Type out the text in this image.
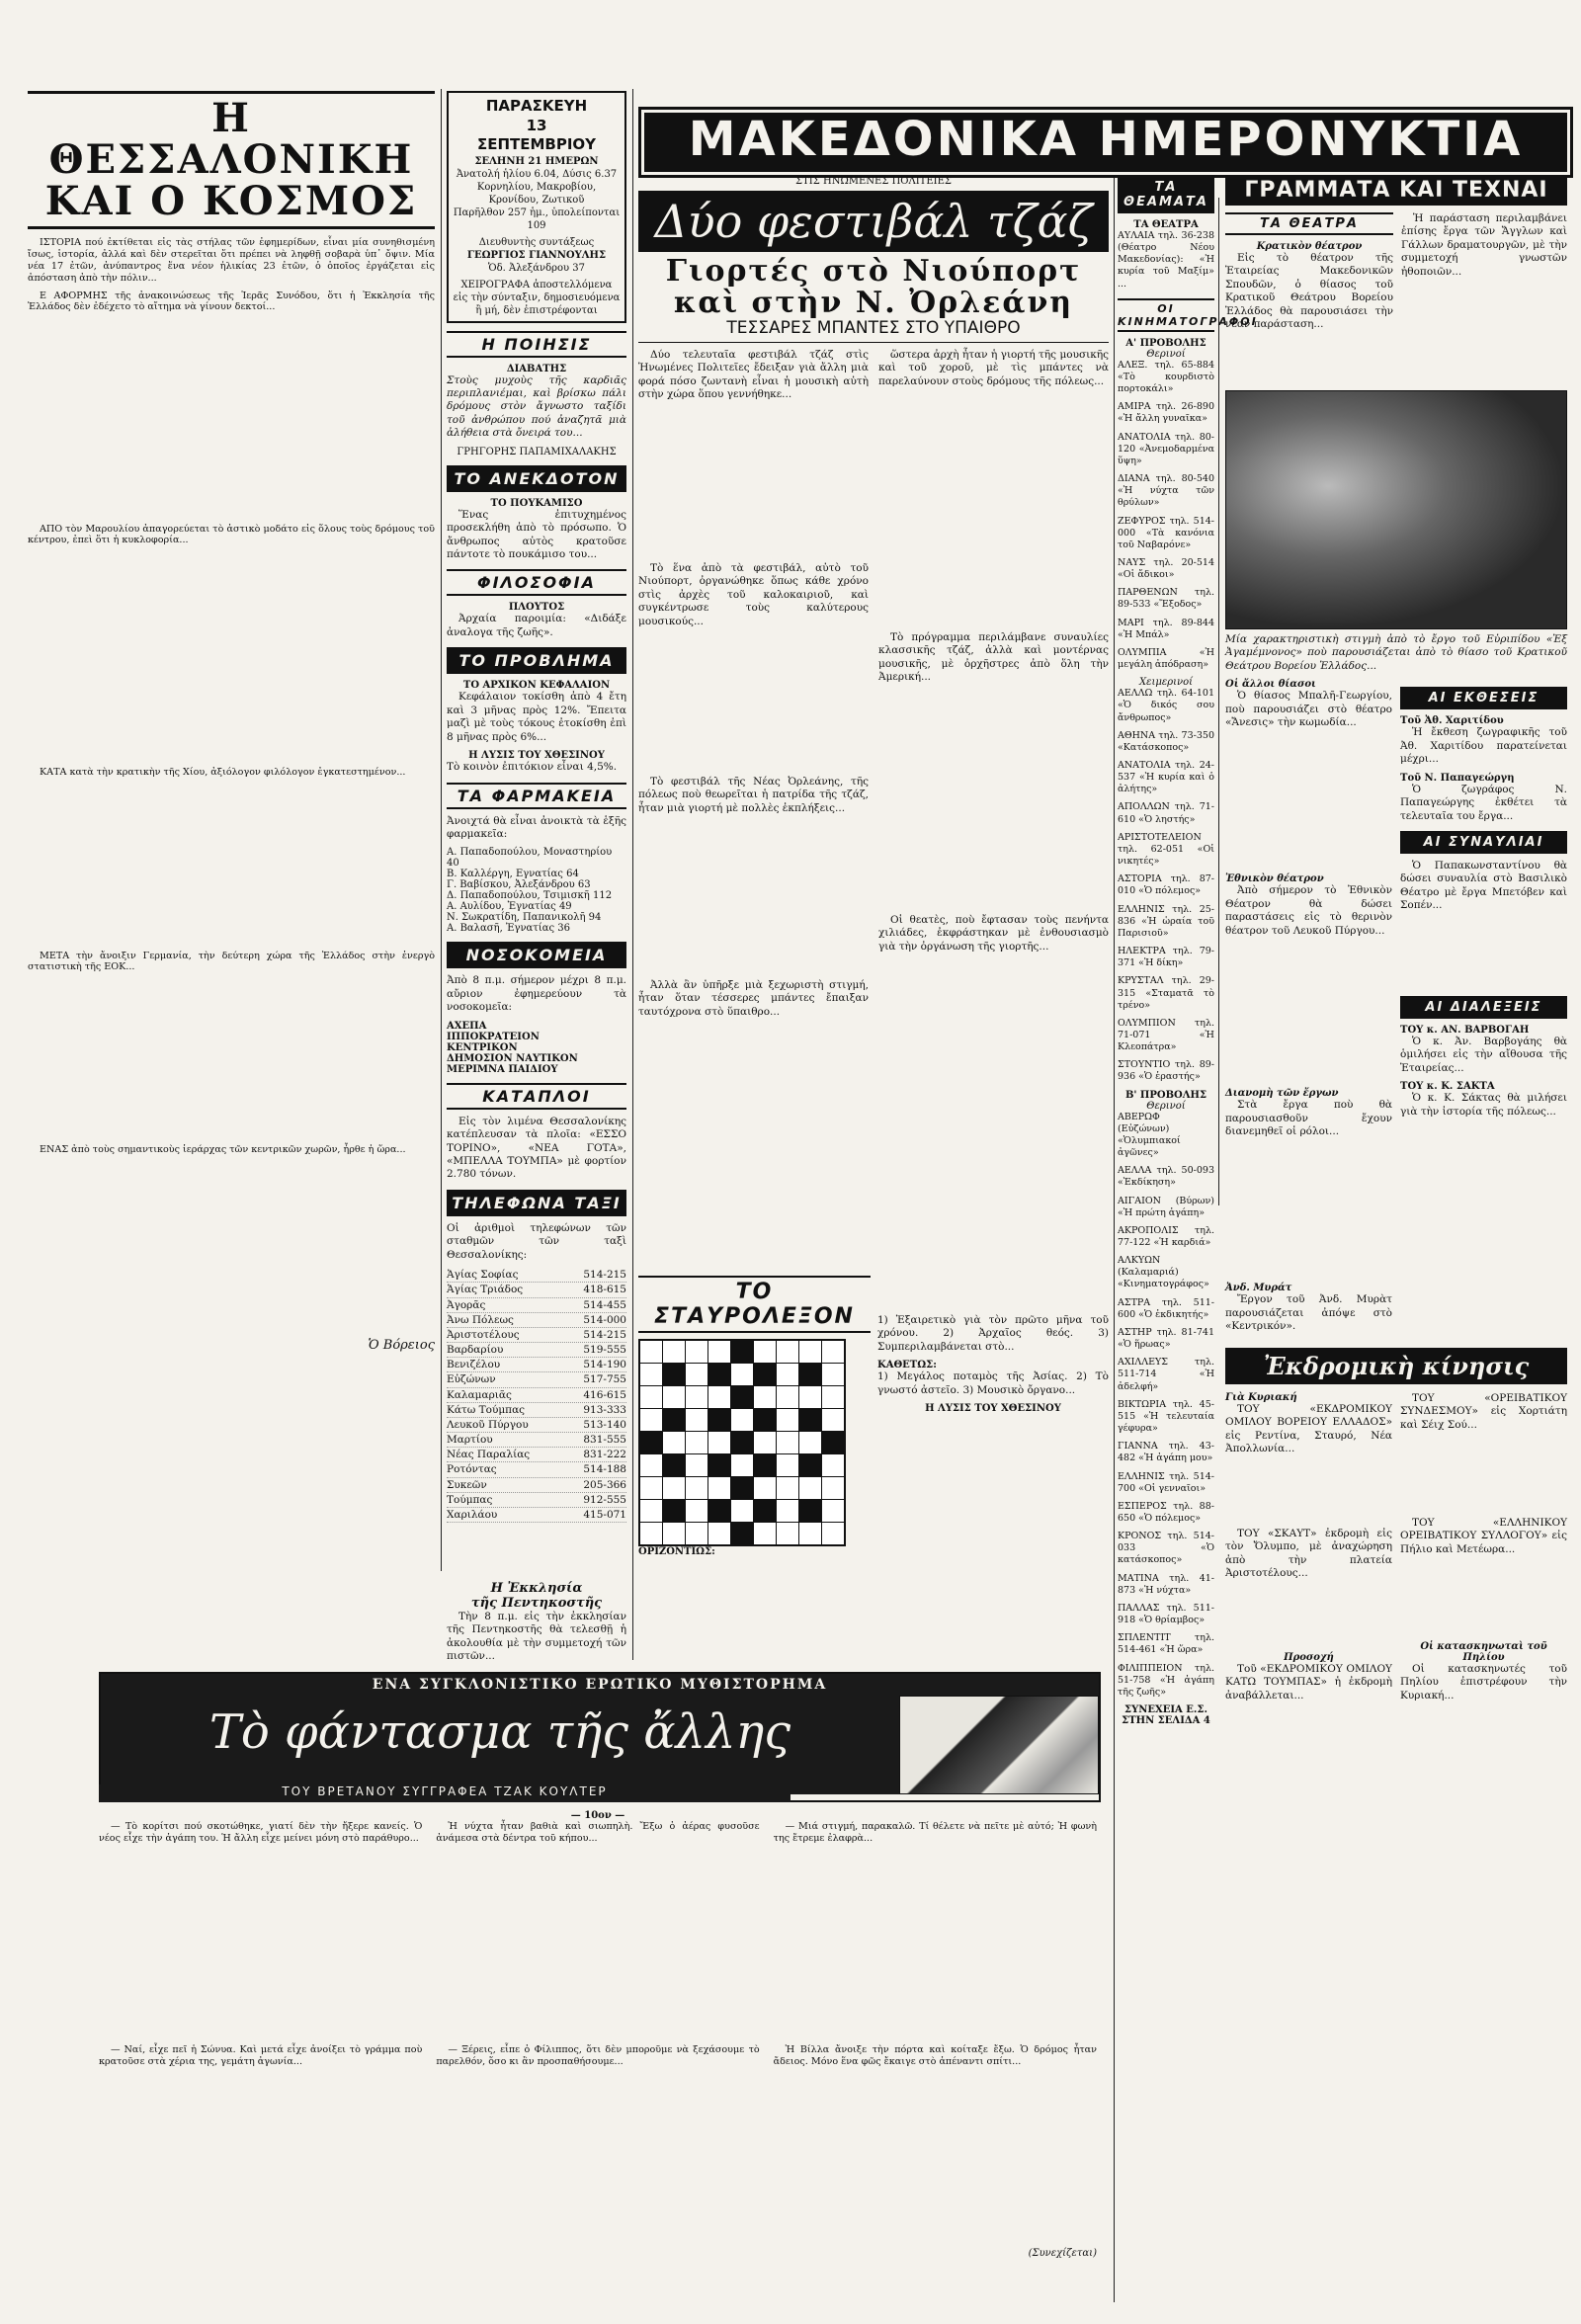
Η ΘΕΣΣΑΛΟΝΙΚΗ
ΚΑΙ Ο ΚΟΣΜΟΣ

ΙΣΤΟΡΙΑ πού ἐκτίθεται εἰς τὰς στήλας τῶν ἐφημερίδων, εἶναι μία συνηθισμένη ἴσως, ἱστορία, ἀλλά καὶ δὲν στερεῖται ὅτι πρέπει νὰ ληφθῇ σοβαρὰ ὑπ᾽ ὄψιν. Μία νέα 17 ἐτῶν, ἀνύπαντρος ἕνα νέον ἡλικίας 23 ἐτῶν, ὁ ὁποῖος ἐργάζεται εἰς ἀπόσταση ἀπὸ τὴν πόλιν...

Ε ΑΦΟΡΜΗΣ τῆς ἀνακοινώσεως τῆς Ἱερᾶς Συνόδου, ὅτι ἡ Ἐκκλησία τῆς Ἑλλάδος δὲν ἐδέχετο τὸ αἴτημα νὰ γίνουν δεκτοί...

ΑΠΟ τὸν Μαρουλίου ἀπαγορεύεται τὸ ἀστικὸ μοδάτο εἰς ὅλους τοὺς δρόμους τοῦ κέντρου, ἐπεὶ ὅτι ἡ κυκλοφορία...

ΚΑΤΑ κατὰ τὴν κρατικὴν τῆς Χίου, ἀξιόλογον φιλόλογον ἐγκατεστημένον...

ΜΕΤΑ τὴν ἄνοιξιν Γερμανία, τὴν δεύτερη χώρα τῆς Ἑλλάδος στὴν ἐνεργὸ στατιστικὴ τῆς ΕΟΚ...

ΕΝΑΣ ἀπὸ τοὺς σημαντικοὺς ἱεράρχας τῶν κεντρικῶν χωρῶν, ἦρθε ἡ ὥρα...

Ὁ Βόρειος
ΠΑΡΑΣΚΕΥΗ
13
ΣΕΠΤΕΜΒΡΙΟΥ
ΣΕΛΗΝΗ 21 ΗΜΕΡΩΝ
Ἀνατολή ἡλίου 6.04, Δύσις 6.37
Κορνηλίου, Μακροβίου, Κρονίδου, Ζωτικοῦ
Παρῆλθον 257 ἡμ., ὑπολείπονται 109
Διευθυντὴς συντάξεως
ΓΕΩΡΓΙΟΣ ΓΙΑΝΝΟΥΛΗΣ
Ὁδ. Ἀλεξάνδρου 37
ΧΕΙΡΟΓΡΑΦΑ ἀποστελλόμενα εἰς τὴν σύνταξιν, δημοσιευόμενα ἢ μή, δὲν ἐπιστρέφονται
Η ΠΟΙΗΣΙΣ
ΔΙΑΒΑΤΗΣ

Στοὺς μυχοὺς τῆς καρδιᾶς περιπλανιέμαι, καὶ βρίσκω πάλι δρόμους στὸν ἄγνωστο ταξίδι τοῦ ἀνθρώπου πού ἀναζητᾶ μιὰ ἀλήθεια στὰ ὄνειρά του...

ΓΡΗΓΟΡΗΣ ΠΑΠΑΜΙΧΑΛΑΚΗΣ
ΤΟ ΑΝΕΚΔΟΤΟΝ
ΤΟ ΠΟΥΚΑΜΙΣΟ

Ἕνας ἐπιτυχημένος προσεκλήθη ἀπὸ τὸ πρόσωπο. Ὁ ἄνθρωπος αὐτὸς κρατοῦσε πάντοτε τὸ πουκάμισο του...

ΦΙΛΟΣΟΦΙΑ
ΠΛΟΥΤΟΣ

Ἀρχαία παροιμία: «Διδάξε ἀναλογα τῆς ζωῆς».

ΤΟ ΠΡΟΒΛΗΜΑ
ΤΟ ΑΡΧΙΚΟΝ ΚΕΦΑΛΑΙΟΝ

Κεφάλαιον τοκίσθη ἀπὸ 4 ἔτη καὶ 3 μῆνας πρὸς 12%. Ἔπειτα μαζὶ μὲ τοὺς τόκους ἐτοκίσθη ἐπὶ 8 μῆνας πρὸς 6%...

Η ΛΥΣΙΣ ΤΟΥ ΧΘΕΣΙΝΟΥ

Τὸ κοινὸν ἐπιτόκιον εἶναι 4,5%.

ΤΑ ΦΑΡΜΑΚΕΙΑ

Ἀνοιχτά θὰ εἶναι ἀνοικτὰ τὰ ἑξῆς φαρμακεῖα:

Α. Παπαδοπούλου, Μοναστηρίου 40
Β. Καλλέργη, Εγνατίας 64
Γ. Βαβίσκου, Ἀλεξάνδρου 63
Δ. Παπαδοπούλου, Τσιμισκῆ 112
Α. Αυλίδου, Ἐγνατίας 49
Ν. Σωκρατίδη, Παπανικολῆ 94
Α. Βαλασῆ, Ἐγνατίας 36
ΝΟΣΟΚΟΜΕΙΑ

Ἀπὸ 8 π.μ. σήμερον μέχρι 8 π.μ. αὔριον ἐφημερεύουν τὰ νοσοκομεῖα:

ΑΧΕΠΑ
ΙΠΠΟΚΡΑΤΕΙΟΝ
ΚΕΝΤΡΙΚΟΝ
ΔΗΜΟΣΙΟΝ ΝΑΥΤΙΚΟΝ
ΜΕΡΙΜΝΑ ΠΑΙΔΙΟΥ
ΚΑΤΑΠΛΟΙ

Εἰς τὸν λιμένα Θεσσαλονίκης κατέπλευσαν τὰ πλοῖα: «ΕΣΣΟ ΤΟΡΙΝΟ», «ΝΕΑ ΓΟΤΑ», «ΜΠΕΛΛΑ ΤΟΥΜΠΑ» μὲ φορτίον 2.780 τόνων.

ΤΗΛΕΦΩΝΑ ΤΑΞΙ

Οἱ ἀριθμοὶ τηλεφώνων τῶν σταθμῶν τῶν ταξὶ Θεσσαλονίκης:

Ἁγίας Σοφίας	514-215
Ἁγίας Τριάδος	418-615
Ἀγορᾶς	514-455
Ἀνω Πόλεως	514-000
Ἀριστοτέλους	514-215
Βαρδαρίου	519-555
Βενιζέλου	514-190
Εὐζώνων	517-755
Καλαμαριᾶς	416-615
Κάτω Τούμπας	913-333
Λευκοῦ Πύργου	513-140
Μαρτίου	831-555
Νέας Παραλίας	831-222
Ροτόντας	514-188
Συκεῶν	205-366
Τούμπας	912-555
Χαριλάου	415-071
ΜΑΚΕΔΟΝΙΚΑ ΗΜΕΡΟΝΥΚΤΙΑ
ΣΤΙΣ ΗΝΩΜΕΝΕΣ ΠΟΛΙΤΕΙΕΣ
Δύο φεστιβάλ τζάζ
Γιορτές στὸ Νιούπορτ
καὶ στὴν Ν. Ὀρλεάνη
ΤΕΣΣΑΡΕΣ ΜΠΑΝΤΕΣ ΣΤΟ ΥΠΑΙΘΡΟ

Δύο τελευταῖα φεστιβάλ τζάζ στὶς Ἡνωμένες Πολιτεῖες ἔδειξαν γιὰ ἄλλη μιὰ φορά πόσο ζωντανὴ εἶναι ἡ μουσικὴ αὐτὴ στὴν χώρα ὅπου γεννήθηκε...

Τὸ ἕνα ἀπὸ τὰ φεστιβάλ, αὐτὸ τοῦ Νιούπορτ, ὀργανώθηκε ὅπως κάθε χρόνο στὶς ἀρχὲς τοῦ καλοκαιριοῦ, καὶ συγκέντρωσε τοὺς καλύτερους μουσικούς...

Τὸ φεστιβάλ τῆς Νέας Ὀρλεάνης, τῆς πόλεως ποὺ θεωρεῖται ἡ πατρίδα τῆς τζάζ, ἦταν μιὰ γιορτή μὲ πολλὲς ἐκπλήξεις...

Ἀλλὰ ἂν ὑπῆρξε μιὰ ξεχωριστὴ στιγμή, ἦταν ὅταν τέσσερες μπάντες ἔπαιξαν ταυτόχρονα στὸ ὕπαιθρο...

ὥστερα ἀρχὴ ἦταν ἡ γιορτή τῆς μουσικῆς καὶ τοῦ χοροῦ, μὲ τὶς μπάντες νὰ παρελαύνουν στοὺς δρόμους τῆς πόλεως...

Τὸ πρόγραμμα περιλάμβανε συναυλίες κλασσικῆς τζάζ, ἀλλὰ καὶ μοντέρνας μουσικῆς, μὲ ὀρχῆστρες ἀπὸ ὅλη τὴν Ἀμερική...

Οἱ θεατὲς, ποὺ ἔφτασαν τοὺς πενήντα χιλιάδες, ἐκφράστηκαν μὲ ἐνθουσιασμὸ γιὰ τὴν ὀργάνωση τῆς γιορτῆς...

ΤΟ ΣΤΑΥΡΟΛΕΞΟΝ

ΟΡΙΖΟΝΤΙΩΣ:

1) Ἐξαιρετικὸ γιὰ τὸν πρῶτο μῆνα τοῦ χρόνου. 2) Ἀρχαῖος θεός. 3) Συμπεριλαμβάνεται στὸ...

ΚΑΘΕΤΩΣ:

1) Μεγάλος ποταμὸς τῆς Ἀσίας. 2) Τὸ γνωστό ἀστεῖο. 3) Μουσικὸ ὄργανο...

Η ΛΥΣΙΣ ΤΟΥ ΧΘΕΣΙΝΟΥ
Η Ἐκκλησία
τῆς Πεντηκοστῆς

Τὴν 8 π.μ. εἰς τὴν ἐκκλησίαν τῆς Πεντηκοστῆς θὰ τελεσθῇ ἡ ἀκολουθία μὲ τὴν συμμετοχή τῶν πιστῶν...

ΕΝΑ ΣΥΓΚΛΟΝΙΣΤΙΚΟ ΕΡΩΤΙΚΟ ΜΥΘΙΣΤΟΡΗΜΑ
Τὸ φάντασμα τῆς ἄλλης
ΤΟΥ ΒΡΕΤΑΝΟΥ ΣΥΓΓΡΑΦΕΑ ΤΖΑΚ ΚΟΥΛΤΕΡ
— 10ον —

— Τὸ κορίτσι πού σκοτώθηκε, γιατί δὲν τὴν ἤξερε κανείς. Ὁ νέος εἶχε τὴν ἀγάπη του. Ἡ ἄλλη εἶχε μείνει μόνη στὸ παράθυρο...

— Ναί, εἶχε πεῖ ἡ Σώνυα. Καὶ μετά εἶχε ἀνοίξει τὸ γράμμα ποὺ κρατοῦσε στὰ χέρια της, γεμάτη ἀγωνία...

Ἡ νύχτα ἦταν βαθιὰ καὶ σιωπηλὴ. Ἔξω ὁ ἀέρας φυσοῦσε ἀνάμεσα στὰ δέντρα τοῦ κήπου...

— Ξέρεις, εἶπε ὁ Φίλιππος, ὅτι δὲν μποροῦμε νὰ ξεχάσουμε τὸ παρελθόν, ὅσο κι ἂν προσπαθήσουμε...

— Μιά στιγμή, παρακαλῶ. Τί θέλετε νὰ πεῖτε μὲ αὐτό; Ἡ φωνὴ της ἔτρεμε ἐλαφρὰ...

Ἡ Βίλλα ἄνοιξε τὴν πόρτα καὶ κοίταξε ἔξω. Ὁ δρόμος ἦταν ἄδειος. Μόνο ἕνα φῶς ἔκαιγε στὸ ἀπέναντι σπίτι...

(Συνεχίζεται)
ΤΑ ΘΕΑΜΑΤΑ
ΤΑ ΘΕΑΤΡΑ

ΑΥΛΑΙΑ τηλ. 36-238 (Θέατρο Νέου Μακεδονίας): «Ἡ κυρία τοῦ Μαξίμ» ...

ΟΙ ΚΙΝΗΜΑΤΟΓΡΑΦΟΙ
Α' ΠΡΟΒΟΛΗΣ
Θερινοί

ΑΛΕΞ. τηλ. 65-884 «Τὸ κουρδιστὸ πορτοκάλι»

ΑΜΙΡΑ τηλ. 26-890 «Ἡ ἄλλη γυναῖκα»

ΑΝΑΤΟΛΙΑ τηλ. 80-120 «Ἀνεμοδαρμένα ὕψη»

ΔΙΑΝΑ τηλ. 80-540 «Ἡ νύχτα τῶν θρύλων»

ΖΕΦΥΡΟΣ τηλ. 514-000 «Τὰ κανόνια τοῦ Ναβαρόνε»

ΝΑΥΣ τηλ. 20-514 «Οἱ ἄδικοι»

ΠΑΡΘΕΝΩΝ τηλ. 89-533 «Ἔξοδος»

ΜΑΡΙ τηλ. 89-844 «Ἡ Μπάλ»

ΟΛΥΜΠΙΑ «Ἡ μεγάλη ἀπόδραση»

Χειμερινοί

ΑΕΛΛΩ τηλ. 64-101 «Ὁ δικός σου ἄνθρωπος»

ΑΘΗΝΑ τηλ. 73-350 «Κατάσκοπος»

ΑΝΑΤΟΛΙΑ τηλ. 24-537 «Ἡ κυρία καὶ ὁ ἀλήτης»

ΑΠΟΛΛΩΝ τηλ. 71-610 «Ὁ ληστής»

ΑΡΙΣΤΟΤΕΛΕΙΟΝ τηλ. 62-051 «Οἱ νικητές»

ΑΣΤΟΡΙΑ τηλ. 87-010 «Ὁ πόλεμος»

ΕΛΛΗΝΙΣ τηλ. 25-836 «Ἡ ὡραία τοῦ Παρισιοῦ»

ΗΛΕΚΤΡΑ τηλ. 79-371 «Ἡ δίκη»

ΚΡΥΣΤΑΛ τηλ. 29-315 «Σταματᾶ τὸ τρένο»

ΟΛΥΜΠΙΟΝ τηλ. 71-071 «Ἡ Κλεοπάτρα»

ΣΤΟΥΝΤΙΟ τηλ. 89-936 «Ὁ ἑραστής»

Β' ΠΡΟΒΟΛΗΣ
Θερινοί

ΑΒΕΡΩΦ (Εὐζώνων) «Ὁλυμπιακοί ἀγῶνες»

ΑΕΛΛΑ τηλ. 50-093 «Ἐκδίκηση»

ΑΙΓΑΙΟΝ (Βύρων) «Ἡ πρώτη ἀγάπη»

ΑΚΡΟΠΟΛΙΣ τηλ. 77-122 «Ἡ καρδιά»

ΑΛΚΥΩΝ (Καλαμαριά) «Κινηματογράφος»

ΑΣΤΡΑ τηλ. 511-600 «Ὁ ἐκδικητής»

ΑΣΤΗΡ τηλ. 81-741 «Ὁ ἥρωας»

ΑΧΙΛΛΕΥΣ τηλ. 511-714 «Ἡ ἀδελφή»

ΒΙΚΤΩΡΙΑ τηλ. 45-515 «Ἡ τελευταία γέφυρα»

ΓΙΑΝΝΑ τηλ. 43-482 «Ἡ ἀγάπη μου»

ΕΛΛΗΝΙΣ τηλ. 514-700 «Οἱ γενναῖοι»

ΕΣΠΕΡΟΣ τηλ. 88-650 «Ὁ πόλεμος»

ΚΡΟΝΟΣ τηλ. 514-033 «Ὁ κατάσκοπος»

ΜΑΤΙΝΑ τηλ. 41-873 «Ἡ νύχτα»

ΠΑΛΛΑΣ τηλ. 511-918 «Ὁ θρίαμβος»

ΣΠΛΕΝΤΙΤ τηλ. 514-461 «Ἡ ὥρα»

ΦΙΛΙΠΠΕΙΟΝ τηλ. 51-758 «Ἡ ἀγάπη τῆς ζωῆς»

ΣΥΝΕΧΕΙΑ Ε.Σ. ΣΤΗΝ ΣΕΛΙΔΑ 4
ΓΡΑΜΜΑΤΑ ΚΑΙ ΤΕΧΝΑΙ
ΤΑ ΘΕΑΤΡΑ
Κρατικὸν θέατρον

Εἰς τὸ θέατρον τῆς Ἑταιρείας Μακεδονικῶν Σπουδῶν, ὁ θίασος τοῦ Κρατικοῦ Θεάτρου Βορείου Ἑλλάδος θὰ παρουσιάσει τὴν νέαν παράσταση...

Ἡ παράσταση περιλαμβάνει ἐπίσης ἔργα τῶν Ἄγγλων καὶ Γάλλων δραματουργῶν, μὲ τὴν συμμετοχή γνωστῶν ἠθοποιῶν...

Μία χαρακτηριστικὴ στιγμὴ ἀπὸ τὸ ἔργο τοῦ Εὐριπίδου «Ἐξ Ἀγαμέμνονος» ποὺ παρουσιάζεται ἀπὸ τὸ θίασο τοῦ Κρατικοῦ Θεάτρου Βορείου Ἑλλάδος...

Οἱ ἄλλοι θίασοι

Ὁ θίασος Μπαλῆ-Γεωργίου, ποὺ παρουσιάζει στὸ θέατρο «Ἄνεσις» τὴν κωμωδία...

Ἐθνικὸν θέατρον

Ἀπὸ σήμερον τὸ Ἐθνικὸν Θέατρον θὰ δώσει παραστάσεις εἰς τὸ θερινὸν θέατρον τοῦ Λευκοῦ Πύργου...

Διανομὴ τῶν ἔργων

Στὰ ἔργα ποὺ θὰ παρουσιασθοῦν ἔχουν διανεμηθεῖ οἱ ρόλοι...

Ἀνδ. Μυράτ

Ἔργον τοῦ Ἀνδ. Μυρὰτ παρουσιάζεται ἀπόψε στὸ «Κεντρικόν».

ΑΙ ΕΚΘΕΣΕΙΣ
Τοῦ Ἀθ. Χαριτίδου

Ἡ ἔκθεση ζωγραφικῆς τοῦ Ἀθ. Χαριτίδου παρατείνεται μέχρι...

Τοῦ Ν. Παπαγεώργη

Ὁ ζωγράφος Ν. Παπαγεώργης ἐκθέτει τὰ τελευταῖα του ἔργα...

ΑΙ ΣΥΝΑΥΛΙΑΙ

Ὁ Παπακωνσταντίνου θὰ δώσει συναυλία στὸ Βασιλικὸ Θέατρο μὲ ἔργα Μπετόβεν καὶ Σοπέν...

ΑΙ ΔΙΑΛΕΞΕΙΣ
ΤΟΥ κ. ΑΝ. ΒΑΡΒΟΓΑΗ

Ὁ κ. Ἀν. Βαρβογάης θὰ ὁμιλήσει εἰς τὴν αἴθουσα τῆς Ἑταιρείας...

ΤΟΥ κ. Κ. ΣΑΚΤΑ

Ὁ κ. Κ. Σάκτας θὰ μιλήσει γιὰ τὴν ἱστορία τῆς πόλεως...

Ἐκδρομικὴ κίνησις
Γιὰ Κυριακή

ΤΟΥ «ΕΚΔΡΟΜΙΚΟΥ ΟΜΙΛΟΥ ΒΟΡΕΙΟΥ ΕΛΛΑΔΟΣ» εἰς Ρεντίνα, Σταυρό, Νέα Ἀπολλωνία...

ΤΟΥ «ΣΚΑΥΤ» ἐκδρομὴ εἰς τὸν Ὄλυμπο, μὲ ἀναχώρηση ἀπὸ τὴν πλατεία Ἀριστοτέλους...

Προσοχή

Τοῦ «ΕΚΔΡΟΜΙΚΟΥ ΟΜΙΛΟΥ ΚΑΤΩ ΤΟΥΜΠΑΣ» ἡ ἐκδρομὴ ἀναβάλλεται...

ΤΟΥ «ΟΡΕΙΒΑΤΙΚΟΥ ΣΥΝΔΕΣΜΟΥ» εἰς Χορτιάτη καὶ Σέιχ Σού...

ΤΟΥ «ΕΛΛΗΝΙΚΟΥ ΟΡΕΙΒΑΤΙΚΟΥ ΣΥΛΛΟΓΟΥ» εἰς Πήλιο καὶ Μετέωρα...

Οἱ κατασκηνωταὶ τοῦ Πηλίου

Οἱ κατασκηνωτές τοῦ Πηλίου ἐπιστρέφουν τὴν Κυριακή...
